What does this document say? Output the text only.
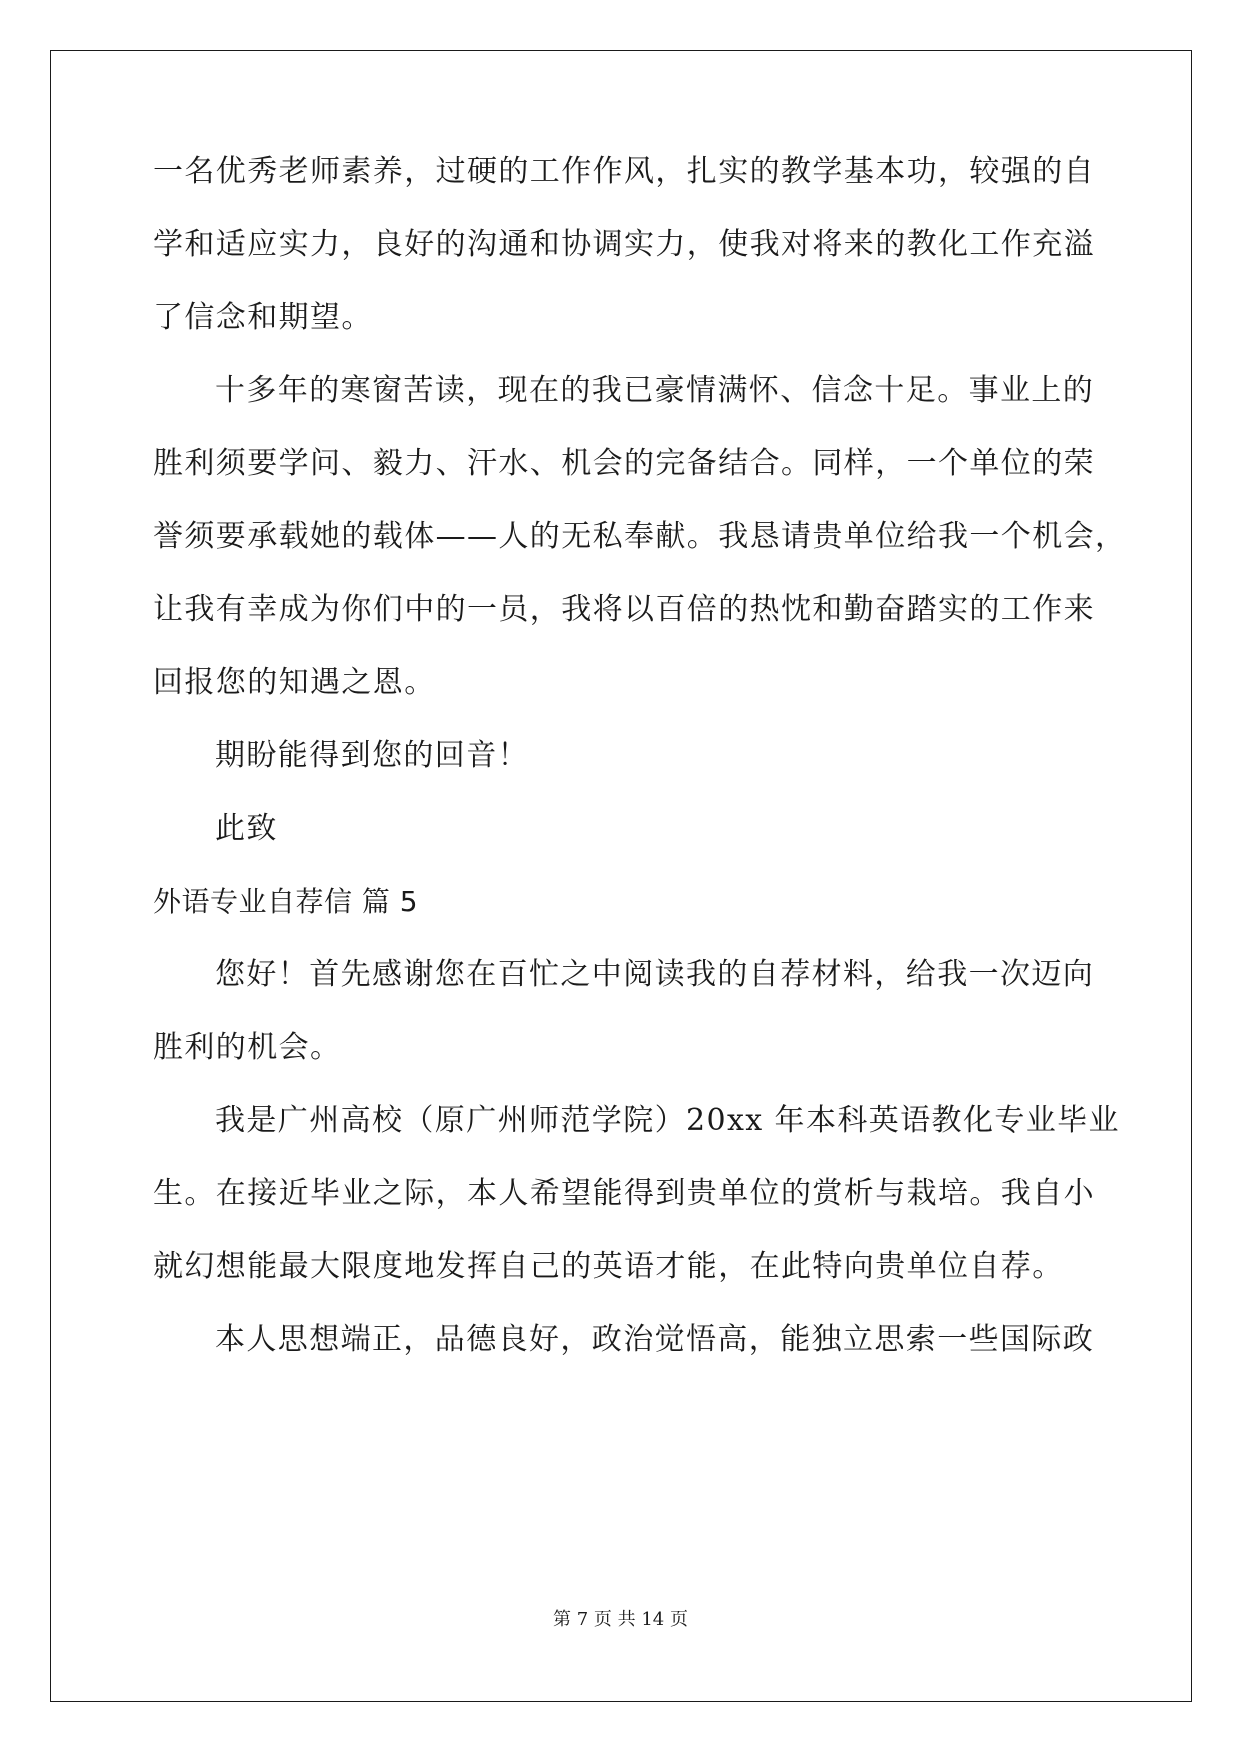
一名优秀老师素养，过硬的工作作风，扎实的教学基本功，较强的自
学和适应实力，良好的沟通和协调实力，使我对将来的教化工作充溢
了信念和期望。
十多年的寒窗苦读，现在的我已豪情满怀、信念十足。事业上的
胜利须要学问、毅力、汗水、机会的完备结合。同样，一个单位的荣
誉须要承载她的载体——人的无私奉献。我恳请贵单位给我一个机会，
让我有幸成为你们中的一员，我将以百倍的热忱和勤奋踏实的工作来
回报您的知遇之恩。
期盼能得到您的回音！
此致
外语专业自荐信 篇 5
您好！首先感谢您在百忙之中阅读我的自荐材料，给我一次迈向
胜利的机会。
我是广州高校（原广州师范学院）20xx 年本科英语教化专业毕业
生。在接近毕业之际，本人希望能得到贵单位的赏析与栽培。我自小
就幻想能最大限度地发挥自己的英语才能，在此特向贵单位自荐。
本人思想端正，品德良好，政治觉悟高，能独立思索一些国际政
第 7 页 共 14 页
